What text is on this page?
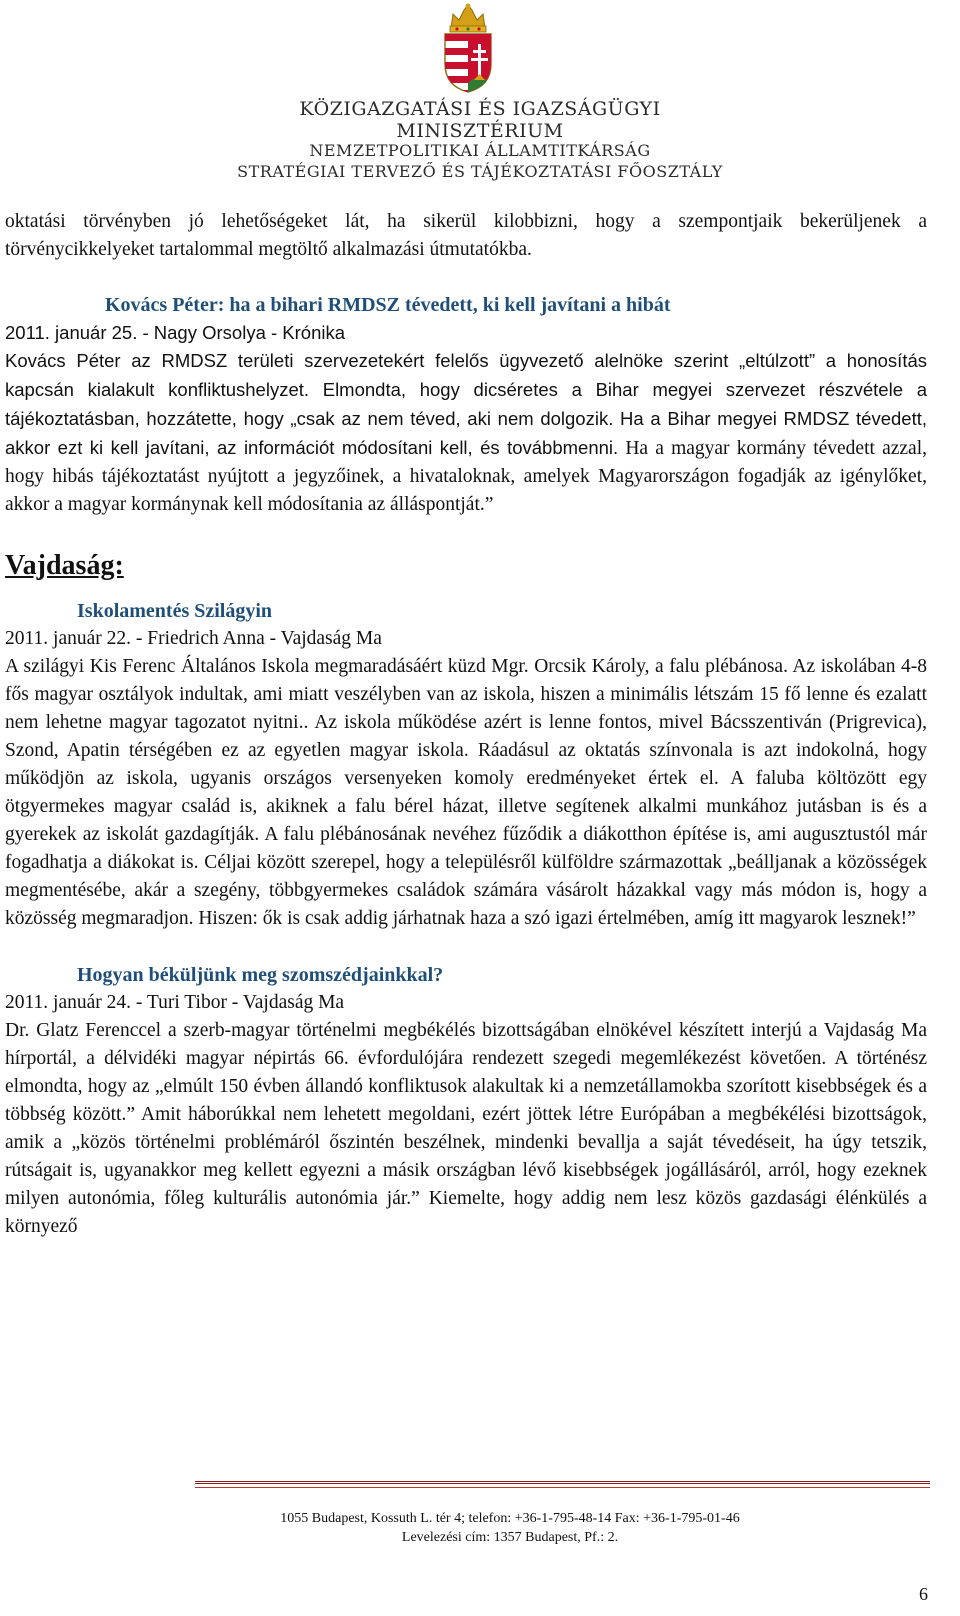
KÖZIGAZGATÁSI ÉS IGAZSÁGÜGYI
MINISZTÉRIUM
NEMZETPOLITIKAI ÁLLAMTITKÁRSÁG
STRATÉGIAI TERVEZŐ ÉS TÁJÉKOZTATÁSI FŐOSZTÁLY

oktatási törvényben jó lehetőségeket lát, ha sikerül kilobbizni, hogy a szempontjaik bekerüljenek a törvénycikkelyeket tartalommal megtöltő alkalmazási útmutatókba.

Kovács Péter: ha a bihari RMDSZ tévedett, ki kell javítani a hibát

2011. január 25. - Nagy Orsolya - Krónika

Kovács Péter az RMDSZ területi szervezetekért felelős ügyvezető alelnöke szerint „eltúlzott” a honosítás kapcsán kialakult konfliktushelyzet. Elmondta, hogy dicséretes a Bihar megyei szervezet részvétele a tájékoztatásban, hozzátette, hogy „csak az nem téved, aki nem dolgozik. Ha a Bihar megyei RMDSZ tévedett, akkor ezt ki kell javítani, az információt módosítani kell, és továbbmenni. Ha a magyar kormány tévedett azzal, hogy hibás tájékoztatást nyújtott a jegyzőinek, a hivataloknak, amelyek Magyarországon fogadják az igénylőket, akkor a magyar kormánynak kell módosítania az álláspontját.”

Vajdaság:
Iskolamentés Szilágyin

2011. január 22. - Friedrich Anna - Vajdaság Ma

A szilágyi Kis Ferenc Általános Iskola megmaradásáért küzd Mgr. Orcsik Károly, a falu plébánosa. Az iskolában 4-8 fős magyar osztályok indultak, ami miatt veszélyben van az iskola, hiszen a minimális létszám 15 fő lenne és ezalatt nem lehetne magyar tagozatot nyitni.. Az iskola működése azért is lenne fontos, mivel Bácsszentiván (Prigrevica), Szond, Apatin térségében ez az egyetlen magyar iskola. Ráadásul az oktatás színvonala is azt indokolná, hogy működjön az iskola, ugyanis országos versenyeken komoly eredményeket értek el. A faluba költözött egy ötgyermekes magyar család is, akiknek a falu bérel házat, illetve segítenek alkalmi munkához jutásban is és a gyerekek az iskolát gazdagítják. A falu plébánosának nevéhez fűződik a diákotthon építése is, ami augusztustól már fogadhatja a diákokat is. Céljai között szerepel, hogy a településről külföldre származottak „beálljanak a közösségek megmentésébe, akár a szegény, többgyermekes családok számára vásárolt házakkal vagy más módon is, hogy a közösség megmaradjon. Hiszen: ők is csak addig járhatnak haza a szó igazi értelmében, amíg itt magyarok lesznek!”

Hogyan béküljünk meg szomszédjainkkal?

2011. január 24. - Turi Tibor - Vajdaság Ma

Dr. Glatz Ferenccel a szerb-magyar történelmi megbékélés bizottságában elnökével készített interjú a Vajdaság Ma hírportál, a délvidéki magyar népirtás 66. évfordulójára rendezett szegedi megemlékezést követően. A történész elmondta, hogy az „elmúlt 150 évben állandó konfliktusok alakultak ki a nemzetállamokba szorított kisebbségek és a többség között.” Amit háborúkkal nem lehetett megoldani, ezért jöttek létre Európában a megbékélési bizottságok, amik a „közös történelmi problémáról őszintén beszélnek, mindenki bevallja a saját tévedéseit, ha úgy tetszik, rútságait is, ugyanakkor meg kellett egyezni a másik országban lévő kisebbségek jogállásáról, arról, hogy ezeknek milyen autonómia, főleg kulturális autonómia jár.” Kiemelte, hogy addig nem lesz közös gazdasági élénkülés a környező

1055 Budapest, Kossuth L. tér 4; telefon: +36-1-795-48-14 Fax: +36-1-795-01-46
Levelezési cím: 1357 Budapest, Pf.: 2.
6
